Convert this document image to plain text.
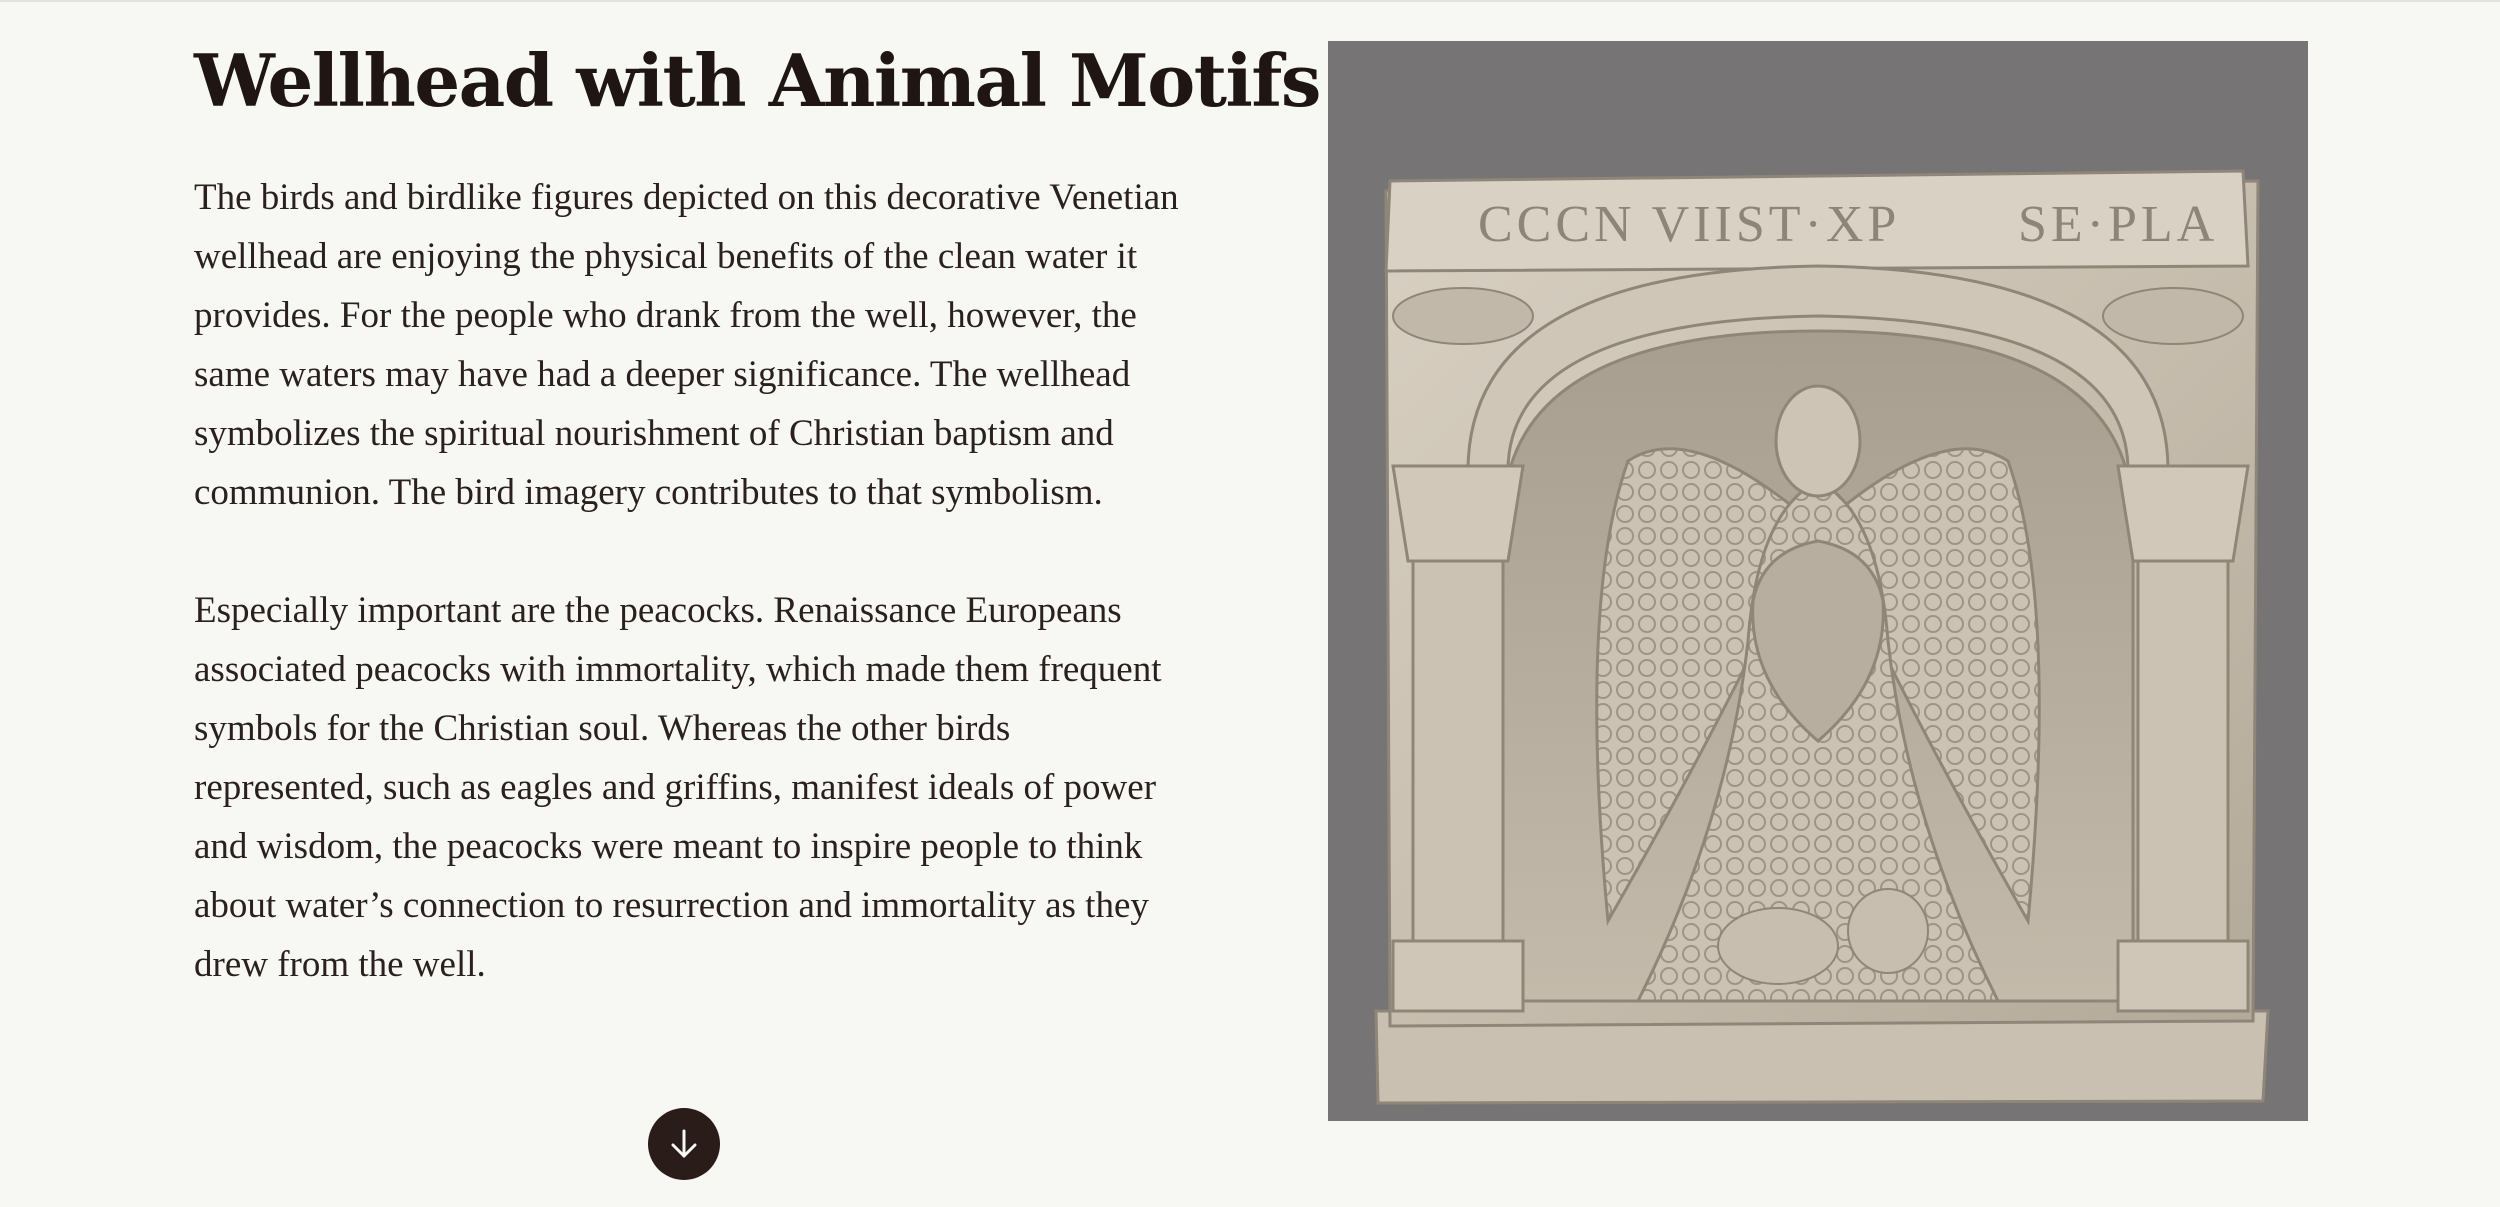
Wellhead with Animal Motifs

The birds and birdlike figures depicted on this decorative Venetian wellhead are enjoying the physical benefits of the clean water it provides. For the people who drank from the well, however, the same waters may have had a deeper significance. The wellhead symbolizes the spiritual nourishment of Christian baptism and communion. The bird imagery contributes to that symbolism.

Especially important are the peacocks. Renaissance Europeans associated peacocks with immortality, which made them frequent symbols for the Christian soul. Whereas the other birds represented, such as eagles and griffins, manifest ideals of power and wisdom, the peacocks were meant to inspire people to think about water’s connection to resurrection and immortality as they drew from the well.

CCCN VIIST·XP SE·PLA
